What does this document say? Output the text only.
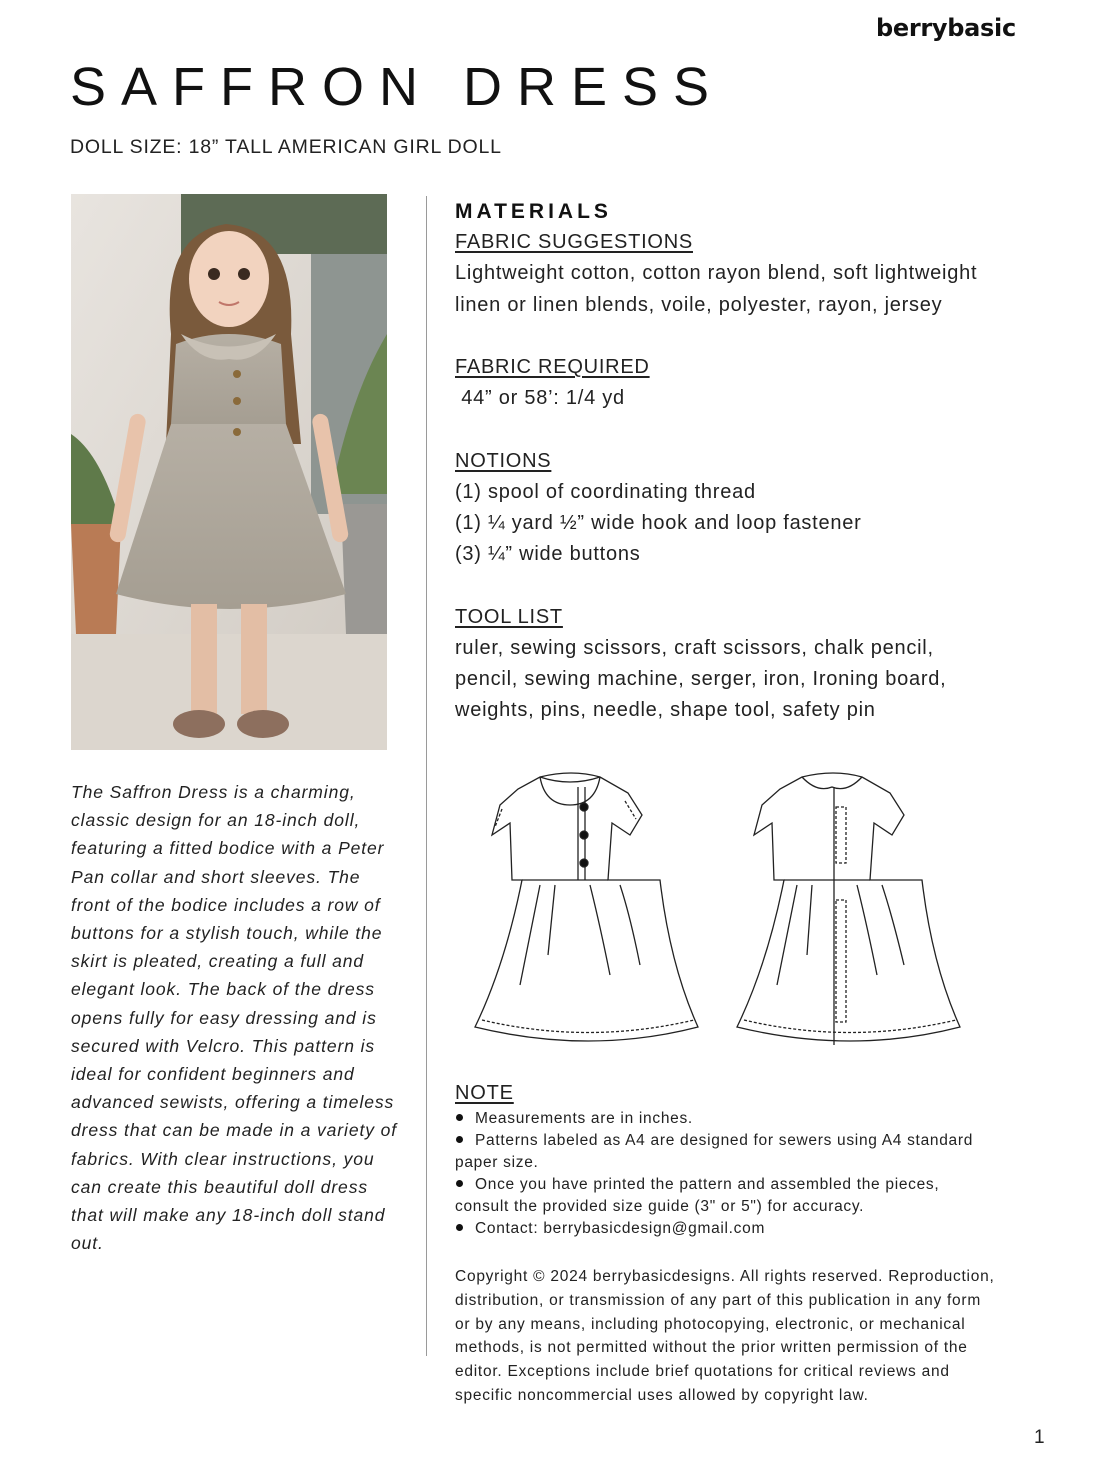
berrybasic
SAFFRON DRESS
DOLL SIZE: 18” TALL AMERICAN GIRL DOLL
The Saffron Dress is a charming,
classic design for an 18-inch doll,
featuring a fitted bodice with a Peter
Pan collar and short sleeves. The
front of the bodice includes a row of
buttons for a stylish touch, while the
skirt is pleated, creating a full and
elegant look. The back of the dress
opens fully for easy dressing and is
secured with Velcro. This pattern is
ideal for confident beginners and
advanced sewists, offering a timeless
dress that can be made in a variety of
fabrics. With clear instructions, you
can create this beautiful doll dress
that will make any 18-inch doll stand
out.
MATERIALS
FABRIC SUGGESTIONS
Lightweight cotton, cotton rayon blend, soft lightweight
linen or linen blends, voile, polyester, rayon, jersey
FABRIC REQUIRED
44” or 58’: 1/4 yd
NOTIONS
(1) spool of coordinating thread
(1) ¼ yard ½” wide hook and loop fastener
(3) ¼” wide buttons
TOOL LIST
ruler, sewing scissors, craft scissors, chalk pencil,
pencil, sewing machine, serger, iron, Ironing board,
weights, pins, needle, shape tool, safety pin
NOTE
Measurements are in inches.
Patterns labeled as A4 are designed for sewers using A4 standard
paper size.
Once you have printed the pattern and assembled the pieces,
consult the provided size guide (3" or 5") for accuracy.
Contact: berrybasicdesign@gmail.com
Copyright © 2024 berrybasicdesigns. All rights reserved. Reproduction,
distribution, or transmission of any part of this publication in any form
or by any means, including photocopying, electronic, or mechanical
methods, is not permitted without the prior written permission of the
editor. Exceptions include brief quotations for critical reviews and
specific noncommercial uses allowed by copyright law.
1
